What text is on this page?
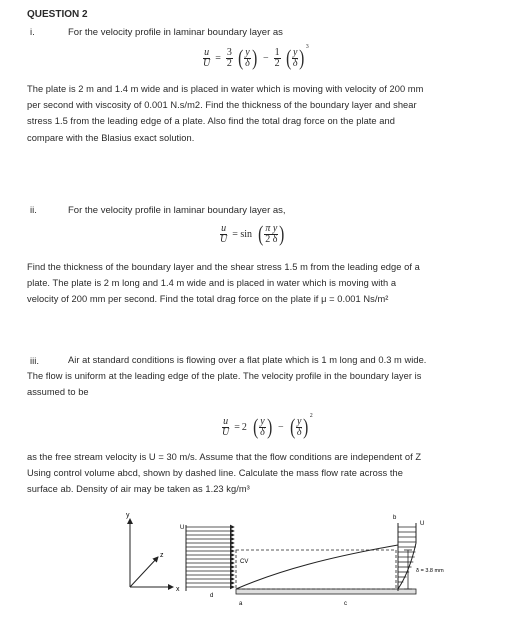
QUESTION 2
i.	For the velocity profile in laminar boundary layer as
$\frac{u}{U} = \frac{3}{2}$ ( $\frac{y}{\delta}$ ) − $\frac{1}{2}$ ( $\frac{y}{\delta} )^3$
The plate is 2 m and 1.4 m wide and is placed in water which is moving with velocity of 200 mm
per second with viscosity of 0.001 N.s/m2. Find the thickness of the boundary layer and shear
stress 1.5 from the leading edge of a plate. Also find the total drag force on the plate and
compare with the Blasius exact solution.
ii.	For the velocity profile in laminar boundary layer as,
$\frac{u}{U} = \sin$ ( $\frac{\text{π y}}{2 \delta}$ )
Find the thickness of the boundary layer and the shear stress 1.5 m from the leading edge of a
plate. The plate is 2 m long and 1.4 m wide and is placed in water which is moving with a
velocity of 200 mm per second. Find the total drag force on the plate if μ = 0.001 Ns/m²
iii.	Air at standard conditions is flowing over a flat plate which is 1 m long and 0.3 m wide.
The flow is uniform at the leading edge of the plate. The velocity profile in the boundary layer is
assumed to be
$\frac{u}{U} = 2$ ( $\frac{y}{\delta}$ ) − ( $\frac{y}{\delta} )^2$
as the free stream velocity is U = 30 m/s. Assume that the flow conditions are independent of Z
Using control volume abcd, shown by dashed line. Calculate the mass flow rate across the
surface ab. Density of air may be taken as 1.23 kg/m³
y
x
z
U
CV
U
δ = 3.8 mm
a
b
c
d
